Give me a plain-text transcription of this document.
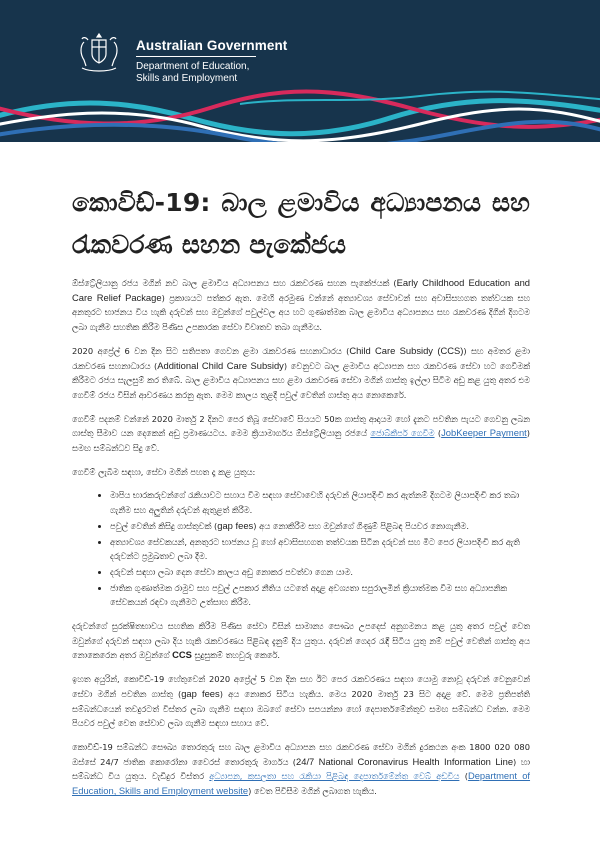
Australian Government
Department of Education,
Skills and Employment
කොවිඩ්-19: බාල ළමාවිය අධ්‍යාපනය සහ රැකවරණ සහන පැකේජය

ඕස්ට්‍රේලියානු රජය මගින් නව බාල ළමාවිය අධ්‍යාපනය සහ රැකවරණ සහන පැකේජයක් (Early Childhood Education and Care Relief Package) ප්‍රකාශයට පත්කර ඇත. මෙහි අරමුණ වන්නේ අත්‍යාවශ්‍ය සේවාවන් සහ අවාසිසහගත තත්වයක සහ අනතුරට භාජනය විය හැකි දරුවන් සහ ඔවුන්ගේ පවුල්වල අය හට ගුණාත්මක බාල ළමාවිය අධ්‍යාපනය සහ රැකවරණ දිගින් දිගටම ලබා ගැනීම සහතික කිරීම පිණිස උපකාරක සේවා විවෘතව තබා ගැනීමය.

2020 අප්‍රේල් 6 වන දින සිට සතිපතා ගෙවන ළමා රැකවරණ සහනාධාරය (Child Care Subsidy (CCS)) සහ අමතර ළමා රැකවරණ සහනාධාරය (Additional Child Care Subsidy) වෙනුවට බාල ළමාවිය අධ්‍යාපන සහ රැකවරණ සේවා හට ගෙවීමක් කිරීමට රජය සැලසුම් කර තිබේ. බාල ළමාවිය අධ්‍යාපනය සහ ළමා රැකවරණ සේවා මගින් ගාස්තු ඉල්ලා සිටීම අඩු කළ යුතු අතර එම ගෙවීම් රජය විසින් ආවරණය කරනු ඇත. මෙම කාලය තුළදී පවුල් වෙතින් ගාස්තු අය නොකෙරේ.

ගෙවීම් පදනම් වන්නේ 2020 මාර්තු 2 දිනට පෙර තිබූ සේවාවේ සියයට 50ක ගාස්තු ආදායම හෝ දැනට පවතින පැයට ගෙවනු ලබන ගාස්තු සීමාව යන දෙකෙන් අඩු ප්‍රමාණයටය. මෙම ක්‍රියාමාර්ගය ඕස්ට්‍රේලියානු රජයේ ජොබ්කීපර් ගෙවීම (JobKeeper Payment) සමඟ සම්බන්ධව සිදු වේ.

ගෙවීම් ලැබීම සඳහා, සේවා මගින් පහත දෑ කළ යුතුය:

• මාපිය භාරකරුවන්ගේ රැකියාවට සහාය වීම සඳහා සේවාවෙහි දරුවන් ලියාපදිංචි කර ඇත්නම් දිගටම ලියාපදිංචි කර තබා ගැනීම සහ අලුතින් දරුවන් ඇතුළත් කිරීම.
• පවුල් වෙතින් කිසිදු ගාස්තුවක් (gap fees) අය නොකිරීම සහ ඔවුන්ගේ ගිණුම් පිළිබඳ පියවර නොගැනීම.
• අත්‍යාවශ්‍ය සේවකයන්, අනතුරට භාජනය වූ හෝ අවාසිසහගත තත්වයක සිටින දරුවන් සහ මීට පෙර ලියාපදිංචි කර ඇති දරුවන්ට ප්‍රමුඛතාව ලබා දීම.
• දරුවන් සඳහා ලබා දෙන සේවා කාලය අඩු නොකර පවත්වා ගෙන යාම.
• ජාතික ගුණාත්මක රාමුව සහ පවුල් උපකාර නීතිය යටතේ අදාළ අවශ්‍යතා සපුරාලමින් ක්‍රියාත්මක වීම සහ අධ්‍යාපනික සේවකයන් රඳවා ගැනීමට උත්සාහ කිරීම.

දරුවන්ගේ සුරක්ෂිතභාවය සහතික කිරීම පිණිස සේවා විසින් සාමාන්‍ය සෞඛ්‍ය උපදෙස් අනුගමනය කළ යුතු අතර පවුල් වෙත ඔවුන්ගේ දරුවන් සඳහා ලබා දිය හැකි රැකවරණය පිළිබඳ දැනුම් දිය යුතුය. දරුවන් ගෙදර රැඳී සිටිය යුතු නම් පවුල් වෙතින් ගාස්තු අය නොකෙරෙන අතර ඔවුන්ගේ CCS සුදුසුකම් තහවුරු කෙරේ.

ඉහත අයුරින්, කොවිඩ්-19 හේතුවෙන් 2020 අප්‍රේල් 5 වන දින සහ ඊට පෙර රැකවරණය සඳහා යොමු නොවූ දරුවන් වෙනුවෙන් සේවා මගින් පවතින ගාස්තු (gap fees) අය නොකර සිටිය හැකිය. මෙය 2020 මාර්තු 23 සිට අදාළ වේ. මෙම ප්‍රතිපත්ති සම්බන්ධයෙන් තවදුරටත් විස්තර ලබා ගැනීම සඳහා ඔබගේ සේවා සපයන්නා හෝ දෙපාර්තමේන්තුව සමඟ සම්බන්ධ වන්න. මෙම පියවර පවුල් වෙත සේවාව ලබා ගැනීම සඳහා සහාය වේ.

කොවිඩ්-19 සම්බන්ධ සෞඛ්‍ය තොරතුරු සහ බාල ළමාවිය අධ්‍යාපන සහ රැකවරණ සේවා මගින් දුරකථන අංක 1800 020 080 ඔස්සේ 24/7 ජාතික කොරෝනා වෛරස් තොරතුරු මාර්ගය (24/7 National Coronavirus Health Information Line) හා සම්බන්ධ විය යුතුය. වැඩිදුර විස්තර අධ්‍යාපන, කුසලතා සහ රැකියා පිළිබඳ දෙපාර්තමේන්තු වෙබ් අඩවිය (Department of Education, Skills and Employment website) වෙත පිවිසීම මගින් ලබාගත හැකිය.
